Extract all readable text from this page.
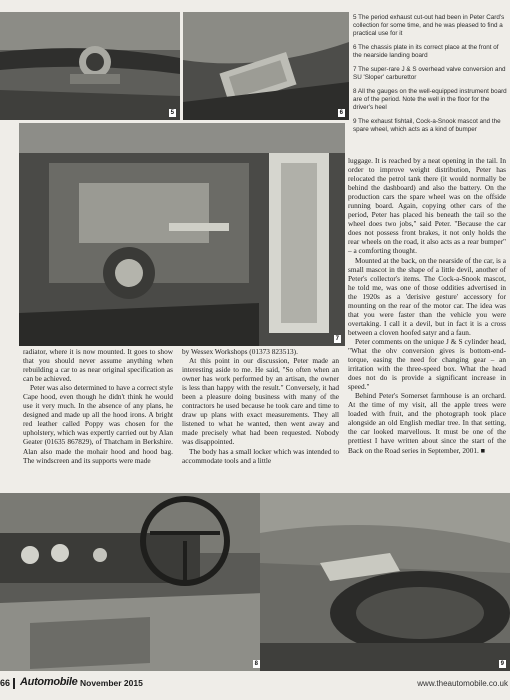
5	6

5 The period exhaust cut-out had been in Peter Card's collection for some time, and he was pleased to find a practical use for it

6 The chassis plate in its correct place at the front of the nearside landing board

7 The super-rare J & S overhead valve conversion and SU 'Sloper' carburettor

8 All the gauges on the well-equipped instrument board are of the period. Note the well in the floor for the driver's heel

9 The exhaust fishtail, Cock-a-Snook mascot and the spare wheel, which acts as a kind of bumper

7

radiator, where it is now mounted. It goes to show that you should never assume anything when rebuilding a car to as near original specification as can be achieved.

Peter was also determined to have a correct style Cape hood, even though he didn't think he would use it very much. In the absence of any plans, he designed and made up all the hood irons. A bright red leather called Poppy was chosen for the upholstery, which was expertly carried out by Alan Geater (01635 867829), of Thatcham in Berkshire. Alan also made the mohair hood and hood bag. The windscreen and its supports were made

by Wessex Workshops (01373 823513).

At this point in our discussion, Peter made an interesting aside to me. He said, "So often when an owner has work performed by an artisan, the owner is less than happy with the result." Conversely, it had been a pleasure doing business with many of the contractors he used because he took care and time to draw up plans with exact measurements. They all listened to what he wanted, then went away and made precisely what had been requested. Nobody was disappointed.

The body has a small locker which was intended to accommodate tools and a little

luggage. It is reached by a neat opening in the tail. In order to improve weight distribution, Peter has relocated the petrol tank there (it would normally be behind the dashboard) and also the battery. On the production cars the spare wheel was on the offside running board. Again, copying other cars of the period, Peter has placed his beneath the tail so the wheel does two jobs," said Peter. "Because the car does not possess front brakes, it not only holds the rear wheels on the road, it also acts as a rear bumper" – a comforting thought.

Mounted at the back, on the nearside of the car, is a small mascot in the shape of a little devil, another of Peter's collector's items. The Cock-a-Snook mascot, he told me, was one of those oddities advertised in the 1920s as a 'derisive gesture' accessory for mounting on the rear of the motor car. The idea was that you were faster than the vehicle you were overtaking. I call it a devil, but in fact it is a cross between a cloven hoofed satyr and a faun.

Peter comments on the unique J & S cylinder head, "What the ohv conversion gives is bottom-end-torque, easing the need for changing gear – an irritation with the three-speed box. What the head does not do is provide a significant increase in speed."

Behind Peter's Somerset farmhouse is an orchard. At the time of my visit, all the apple trees were loaded with fruit, and the photograph took place alongside an old English medlar tree. In that setting, the car looked marvellous. It must be one of the prettiest I have written about since the start of the Back on the Road series in September, 2001. ■

8	9
66 Automobile November 2015	www.theautomobile.co.uk
